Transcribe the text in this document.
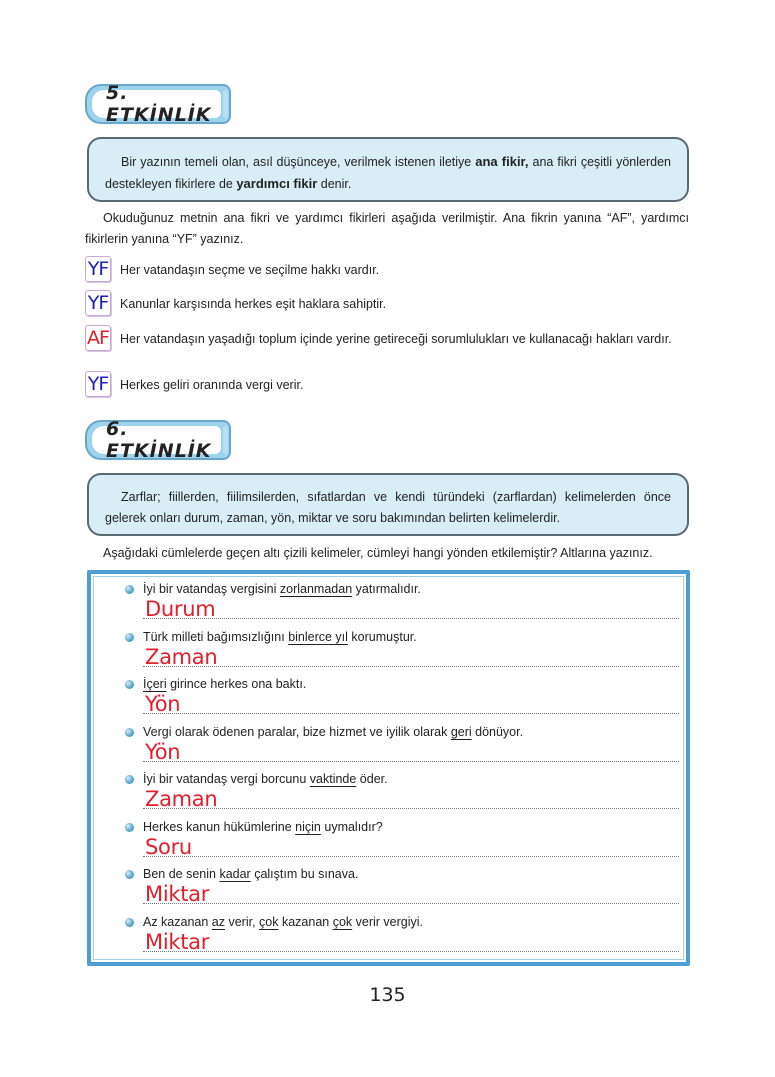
5. ETKİNLİK

Bir yazının temeli olan, asıl düşünceye, verilmek istenen iletiye ana fikir, ana fikri çeşitli yönlerden destekleyen fikirlere de yardımcı fikir denir.

Okuduğunuz metnin ana fikri ve yardımcı fikirleri aşağıda verilmiştir. Ana fikrin yanına “AF”, yardımcı fikirlerin yanına “YF” yazınız.
YF Her vatandaşın seçme ve seçilme hakkı vardır.
YF Kanunlar karşısında herkes eşit haklara sahiptir.
AF Her vatandaşın yaşadığı toplum içinde yerine getireceği sorumlulukları ve kullanacağı hakları vardır.
YF Herkes geliri oranında vergi verir.
6. ETKİNLİK

Zarflar; fiillerden, fiilimsilerden, sıfatlardan ve kendi türündeki (zarflardan) kelimelerden önce gelerek onları durum, zaman, yön, miktar ve soru bakımından belirten kelimelerdir.

Aşağıdaki cümlelerde geçen altı çizili kelimeler, cümleyi hangi yönden etkilemiştir? Altlarına yazınız.
İyi bir vatandaş vergisini zorlanmadan yatırmalıdır.
Durum
Türk milleti bağımsızlığını binlerce yıl korumuştur.
Zaman
İçeri girince herkes ona baktı.
Yön
Vergi olarak ödenen paralar, bize hizmet ve iyilik olarak geri dönüyor.
Yön
İyi bir vatandaş vergi borcunu vaktinde öder.
Zaman
Herkes kanun hükümlerine niçin uymalıdır?
Soru
Ben de senin kadar çalıştım bu sınava.
Miktar
Az kazanan az verir, çok kazanan çok verir vergiyi.
Miktar
135
